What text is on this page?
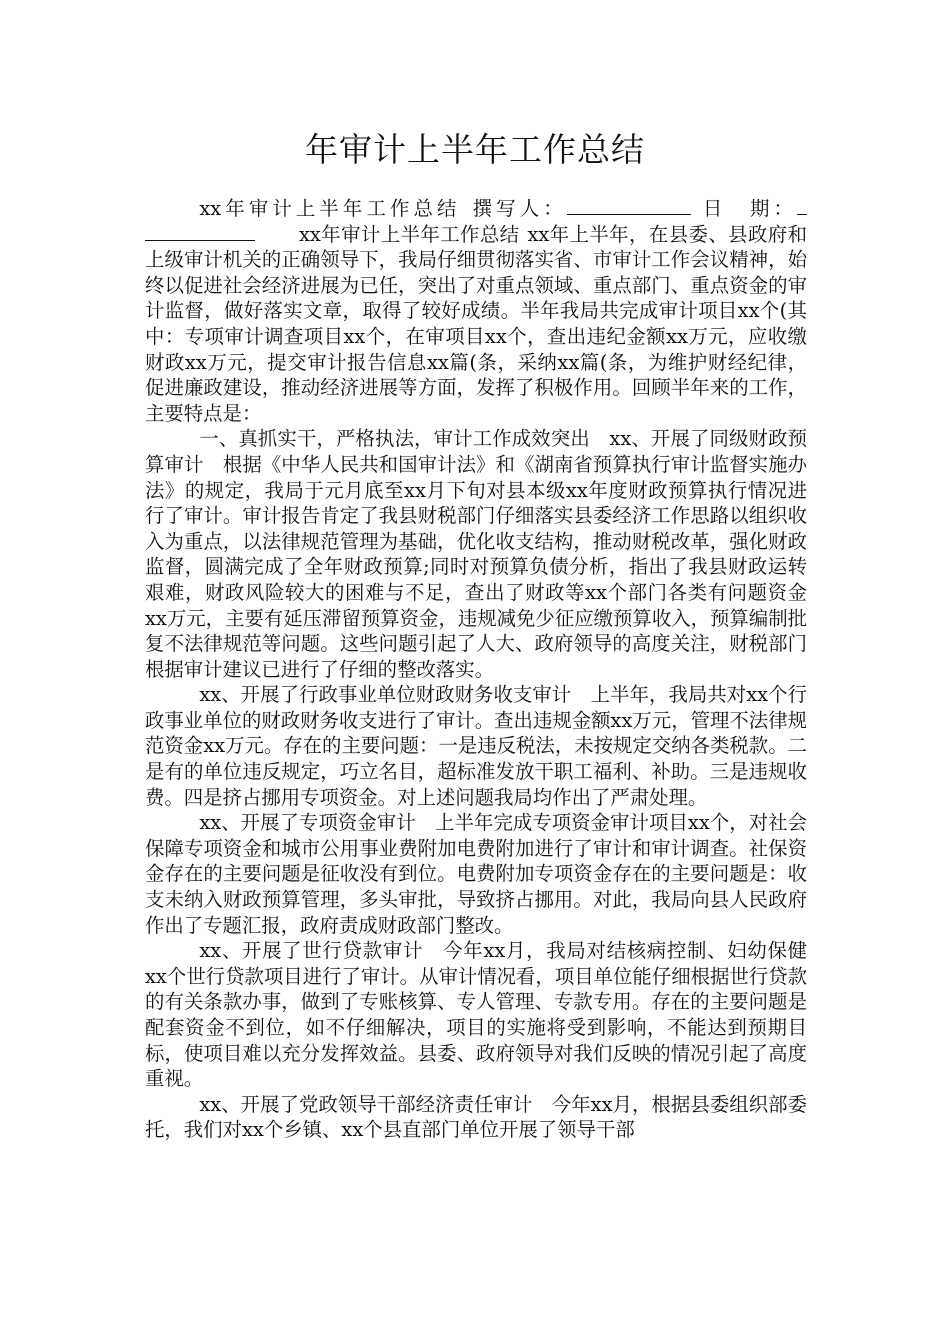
年审计上半年工作总结

xx年审计上半年工作总结 撰写人：	日　期：xx年审计上半年工作总结 xx年上半年，在县委、县政府和上级审计机关的正确领导下，我局仔细贯彻落实省、市审计工作会议精神，始终以促进社会经济进展为已任，突出了对重点领域、重点部门、重点资金的审计监督，做好落实文章，取得了较好成绩。半年我局共完成审计项目xx个(其中：专项审计调查项目xx个，在审项目xx个，查出违纪金额xx万元，应收缴财政xx万元，提交审计报告信息xx篇(条，采纳xx篇(条，为维护财经纪律，促进廉政建设，推动经济进展等方面，发挥了积极作用。回顾半年来的工作，主要特点是：

一、真抓实干，严格执法，审计工作成效突出　xx、开展了同级财政预算审计　根据《中华人民共和国审计法》和《湖南省预算执行审计监督实施办法》的规定，我局于元月底至xx月下旬对县本级xx年度财政预算执行情况进行了审计。审计报告肯定了我县财税部门仔细落实县委经济工作思路以组织收入为重点，以法律规范管理为基础，优化收支结构，推动财税改革，强化财政监督，圆满完成了全年财政预算;同时对预算负债分析，指出了我县财政运转艰难，财政风险较大的困难与不足，查出了财政等xx个部门各类有问题资金xx万元，主要有延压滞留预算资金，违规减免少征应缴预算收入，预算编制批复不法律规范等问题。这些问题引起了人大、政府领导的高度关注，财税部门根据审计建议已进行了仔细的整改落实。

xx、开展了行政事业单位财政财务收支审计　上半年，我局共对xx个行政事业单位的财政财务收支进行了审计。查出违规金额xx万元，管理不法律规范资金xx万元。存在的主要问题：一是违反税法，未按规定交纳各类税款。二是有的单位违反规定，巧立名目，超标准发放干职工福利、补助。三是违规收费。四是挤占挪用专项资金。对上述问题我局均作出了严肃处理。

xx、开展了专项资金审计　上半年完成专项资金审计项目xx个，对社会保障专项资金和城市公用事业费附加电费附加进行了审计和审计调查。社保资金存在的主要问题是征收没有到位。电费附加专项资金存在的主要问题是：收支未纳入财政预算管理，多头审批，导致挤占挪用。对此，我局向县人民政府作出了专题汇报，政府责成财政部门整改。

xx、开展了世行贷款审计　今年xx月，我局对结核病控制、妇幼保健xx个世行贷款项目进行了审计。从审计情况看，项目单位能仔细根据世行贷款的有关条款办事，做到了专账核算、专人管理、专款专用。存在的主要问题是配套资金不到位，如不仔细解决，项目的实施将受到影响，不能达到预期目标，使项目难以充分发挥效益。县委、政府领导对我们反映的情况引起了高度重视。

xx、开展了党政领导干部经济责任审计　今年xx月，根据县委组织部委托，我们对xx个乡镇、xx个县直部门单位开展了领导干部
